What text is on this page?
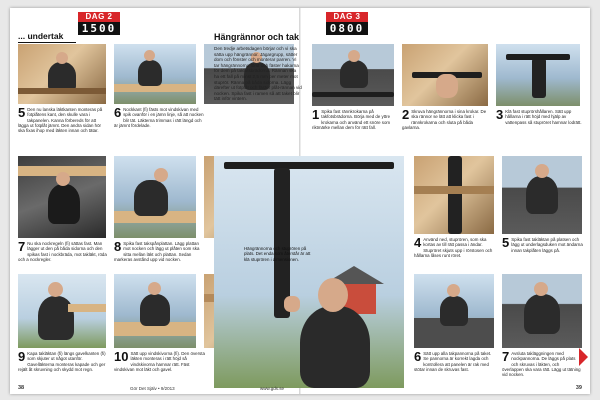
DAG 2
1500
... undertak
5 Den nu lanska läktkanten monteras på fotplåtens kant, den skulle vara i takpanelen. Kanna förbereds för att lägga ut fotplåt jämnt. Den andra sidan hör ska fixas ihop med läkten innan och tätar.
6 Nockkant (fi) fästs mot vindskivan med spik ovanför i en jämn linje, så att nocken blir tät. Läkterna trimmas i rätt längd och är jämnt fördelade.
7 Nu ska nockregeln (fi) sättas fast. Man lägger ut den på båda sidorna och den spikas fast i nockbräda, mot takläkt, röda och a nockregler.
8 Spika fast takspånplattan. Lägg plattan mot nocken och lägg ut plåten som ska sitta mellan läkt och plattan. Sedan markeras avstånd upp vid nocken.
9 Kapa takläktan (fi) längs gavelkanten (fi) som skjuter ut något utanför. Gavelläkterna monteras kapade och ger rejält åt skruvning och skydd mot regn.
10 Sätt upp vindskivorna (fi). Den översta läkten monteras i rätt höjd så vindskivorna hamnar rätt. Fäst vindskivan mot läkt och gavel.
38	Gör Det Själv • 9/2013
DAG 3
0800
Hängrännor och tak
Den tredje arbetsdagen börjar och vi ska sätta upp hängrännor. Jägargrupp, sätter dom och fönster och monterar parren. Vi tar hängrännorna först och fäster hakarna för dem på takfotsbrädorna. Rännan ska ha ett fall på minst 2,5 mm per meter mot stuprör. Ränna på båda sidorna. Lägg därefter ut fotplåt och fäster plåt-rännan vid nocken. Spika fast i ramen så att taket blir tätt inför vintern.
1 Spika fast rännkrokarna på takfotsbrädorna. Börja med de yttre krokarna och använd ett snöre som riktmärke mellan dem för rätt fall.
2 Skruva hängrännorna i sina krokar. De ska rännor se lätt att klicka fast i rännkrokarna och sluta på båda gavlarna.
3 Klä fast stuprörshållaren. Sätt upp hållarna i rätt höjd med hjälp av vattenpass så stupröret hamnar lodrätt.
Hängrännorna och stuprören på plats. Det enda som återstår är att klä stuprören i dimensionen.
4 Använd ned, stuprören, som ska kortas av till rätt passa i ändar. Stupröret skjuts upp i rörstosen och hållarna låses runt röret.
5 Spika fast takläktan på platsen och lägg ut underlagsduken mot ändarna innan takplåten läggs på.
6 Sätt upp alla takpannorna på taket. Se pannorna är korrekt lagda och kontrollera att panelen är rak med stötar innan de skruvas fast.
7 Avsluta takläggningen med nockpannorna. De läggs på plats och skruvas i läkten, och överlappen ska vara rätt. Lägg ut tätning vid nocken.
www.gds.se	39
